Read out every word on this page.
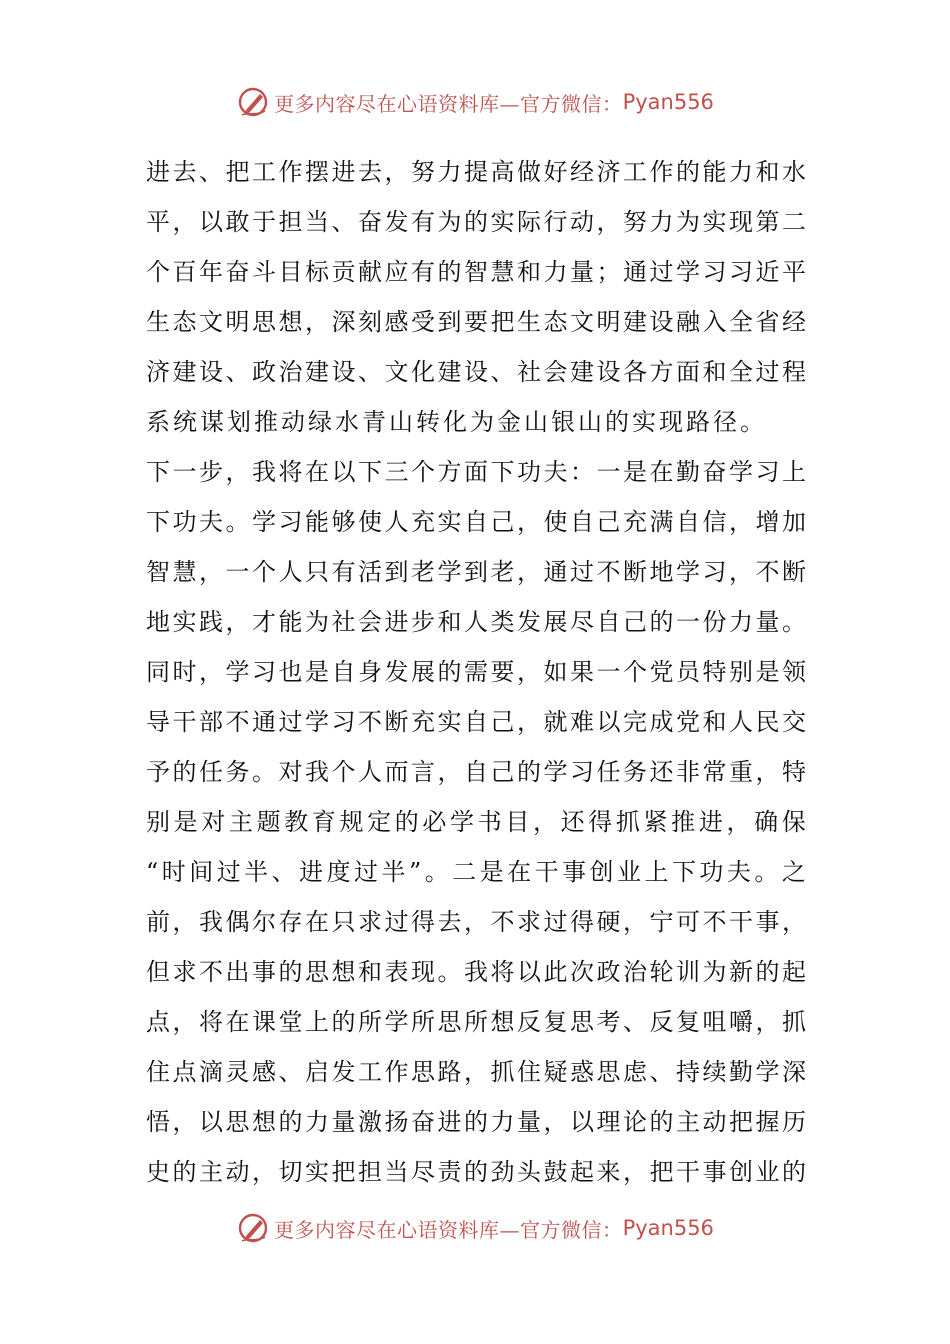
更多内容尽在心语资料库—官方微信： Pyan556
进 去 、 把 工 作 摆 进 去 ， 努 力 提 高 做 好 经 济 工 作 的 能 力 和 水
平 ， 以 敢 于 担 当 、 奋 发 有 为 的 实 际 行 动 ， 努 力 为 实 现 第 二
个 百 年 奋 斗 目 标 贡 献 应 有 的 智 慧 和 力 量 ； 通 过 学 习 习 近 平
生 态 文 明 思 想 ， 深 刻 感 受 到 要 把 生 态 文 明 建 设 融 入 全 省 经
济 建 设 、 政 治 建 设 、 文 化 建 设 、 社 会 建 设 各 方 面 和 全 过 程
系统谋划推动绿水青山转化为金山银山的实现路径。
下 一 步 ， 我 将 在 以 下 三 个 方 面 下 功 夫 ： 一 是 在 勤 奋 学 习 上
下 功 夫 。 学 习 能 够 使 人 充 实 自 己 ， 使 自 己 充 满 自 信 ， 增 加
智 慧 ， 一 个 人 只 有 活 到 老 学 到 老 ， 通 过 不 断 地 学 习 ， 不 断
地 实 践 ， 才 能 为 社 会 进 步 和 人 类 发 展 尽 自 己 的 一 份 力 量 。
同 时 ， 学 习 也 是 自 身 发 展 的 需 要 ， 如 果 一 个 党 员 特 别 是 领
导 干 部 不 通 过 学 习 不 断 充 实 自 己 ， 就 难 以 完 成 党 和 人 民 交
予 的 任 务 。 对 我 个 人 而 言 ， 自 己 的 学 习 任 务 还 非 常 重 ， 特
别 是 对 主 题 教 育 规 定 的 必 学 书 目 ， 还 得 抓 紧 推 进 ， 确 保
“ 时 间 过 半 、 进 度 过 半 ” 。 二 是 在 干 事 创 业 上 下 功 夫 。 之
前 ， 我 偶 尔 存 在 只 求 过 得 去 ， 不 求 过 得 硬 ， 宁 可 不 干 事 ，
但 求 不 出 事 的 思 想 和 表 现 。 我 将 以 此 次 政 治 轮 训 为 新 的 起
点 ， 将 在 课 堂 上 的 所 学 所 思 所 想 反 复 思 考 、 反 复 咀 嚼 ， 抓
住 点 滴 灵 感 、 启 发 工 作 思 路 ， 抓 住 疑 惑 思 虑 、 持 续 勤 学 深
悟 ， 以 思 想 的 力 量 激 扬 奋 进 的 力 量 ， 以 理 论 的 主 动 把 握 历
史 的 主 动 ， 切 实 把 担 当 尽 责 的 劲 头 鼓 起 来 ， 把 干 事 创 业 的
更多内容尽在心语资料库—官方微信： Pyan556
